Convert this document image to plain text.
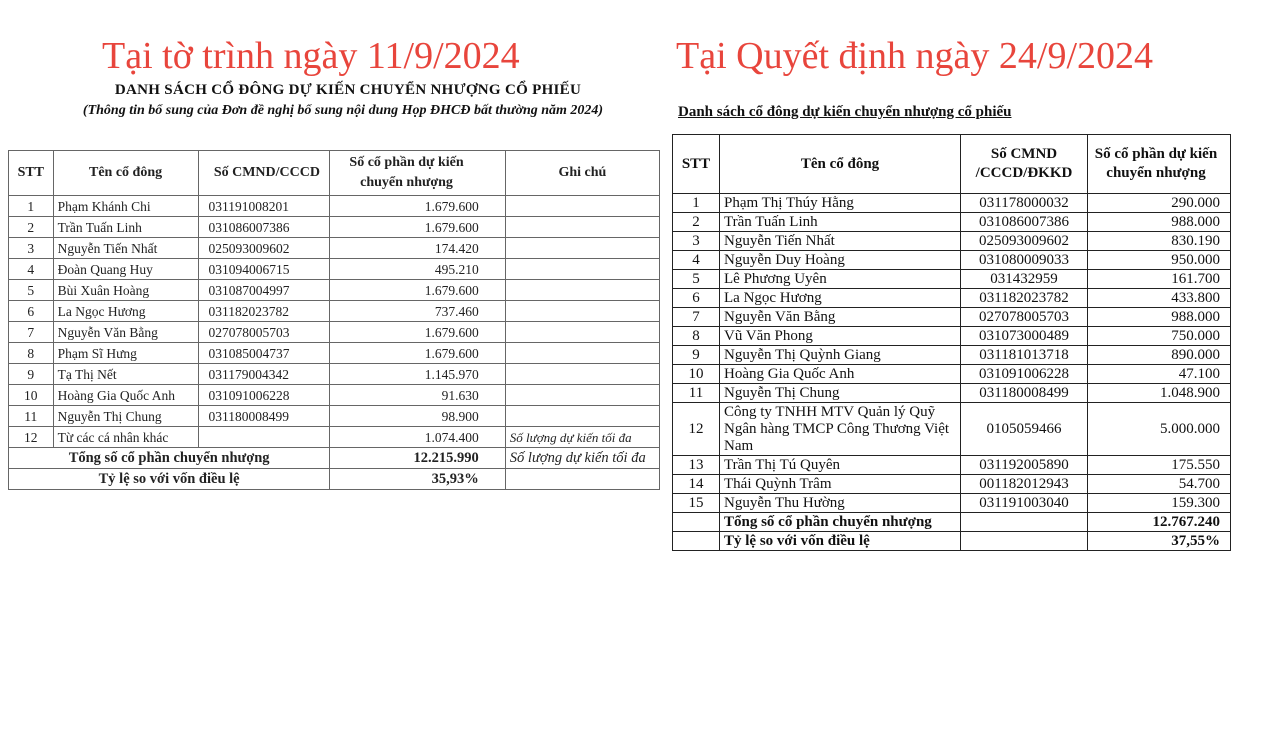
Tại tờ trình ngày 11/9/2024	Tại Quyết định ngày 24/9/2024
DANH SÁCH CỔ ĐÔNG DỰ KIẾN CHUYỂN NHƯỢNG CỔ PHIẾU
(Thông tin bổ sung của Đơn đề nghị bổ sung nội dung Họp ĐHCĐ bất thường năm 2024)
STT	Tên cổ đông	Số CMND/CCCD	Số cổ phần dự kiến chuyển nhượng	Ghi chú
1	Phạm Khánh Chi	031191008201	1.679.600	
2	Trần Tuấn Linh	031086007386	1.679.600	
3	Nguyễn Tiến Nhất	025093009602	174.420	
4	Đoàn Quang Huy	031094006715	495.210	
5	Bùi Xuân Hoàng	031087004997	1.679.600	
6	La Ngọc Hương	031182023782	737.460	
7	Nguyễn Văn Bằng	027078005703	1.679.600	
8	Phạm Sĩ Hưng	031085004737	1.679.600	
9	Tạ Thị Nết	031179004342	1.145.970	
10	Hoàng Gia Quốc Anh	031091006228	91.630	
11	Nguyễn Thị Chung	031180008499	98.900	
12	Từ các cá nhân khác		1.074.400	Số lượng dự kiến tối đa
Tổng số cổ phần chuyển nhượng			12.215.990	Số lượng dự kiến tối đa
Tỷ lệ so với vốn điều lệ			35,93%	
Danh sách cổ đông dự kiến chuyển nhượng cổ phiếu
STT	Tên cổ đông	Số CMND /CCCD/ĐKKD	Số cổ phần dự kiến chuyển nhượng
1	Phạm Thị Thúy Hằng	031178000032	290.000
2	Trần Tuấn Linh	031086007386	988.000
3	Nguyễn Tiến Nhất	025093009602	830.190
4	Nguyễn Duy Hoàng	031080009033	950.000
5	Lê Phương Uyên	031432959	161.700
6	La Ngọc Hương	031182023782	433.800
7	Nguyễn Văn Bằng	027078005703	988.000
8	Vũ Văn Phong	031073000489	750.000
9	Nguyễn Thị Quỳnh Giang	031181013718	890.000
10	Hoàng Gia Quốc Anh	031091006228	47.100
11	Nguyễn Thị Chung	031180008499	1.048.900
12	Công ty TNHH MTV Quản lý Quỹ Ngân hàng TMCP Công Thương Việt Nam	0105059466	5.000.000
13	Trần Thị Tú Quyên	031192005890	175.550
14	Thái Quỳnh Trâm	001182012943	54.700
15	Nguyễn Thu Hường	031191003040	159.300
	Tổng số cổ phần chuyển nhượng		12.767.240
	Tỷ lệ so với vốn điều lệ		37,55%
